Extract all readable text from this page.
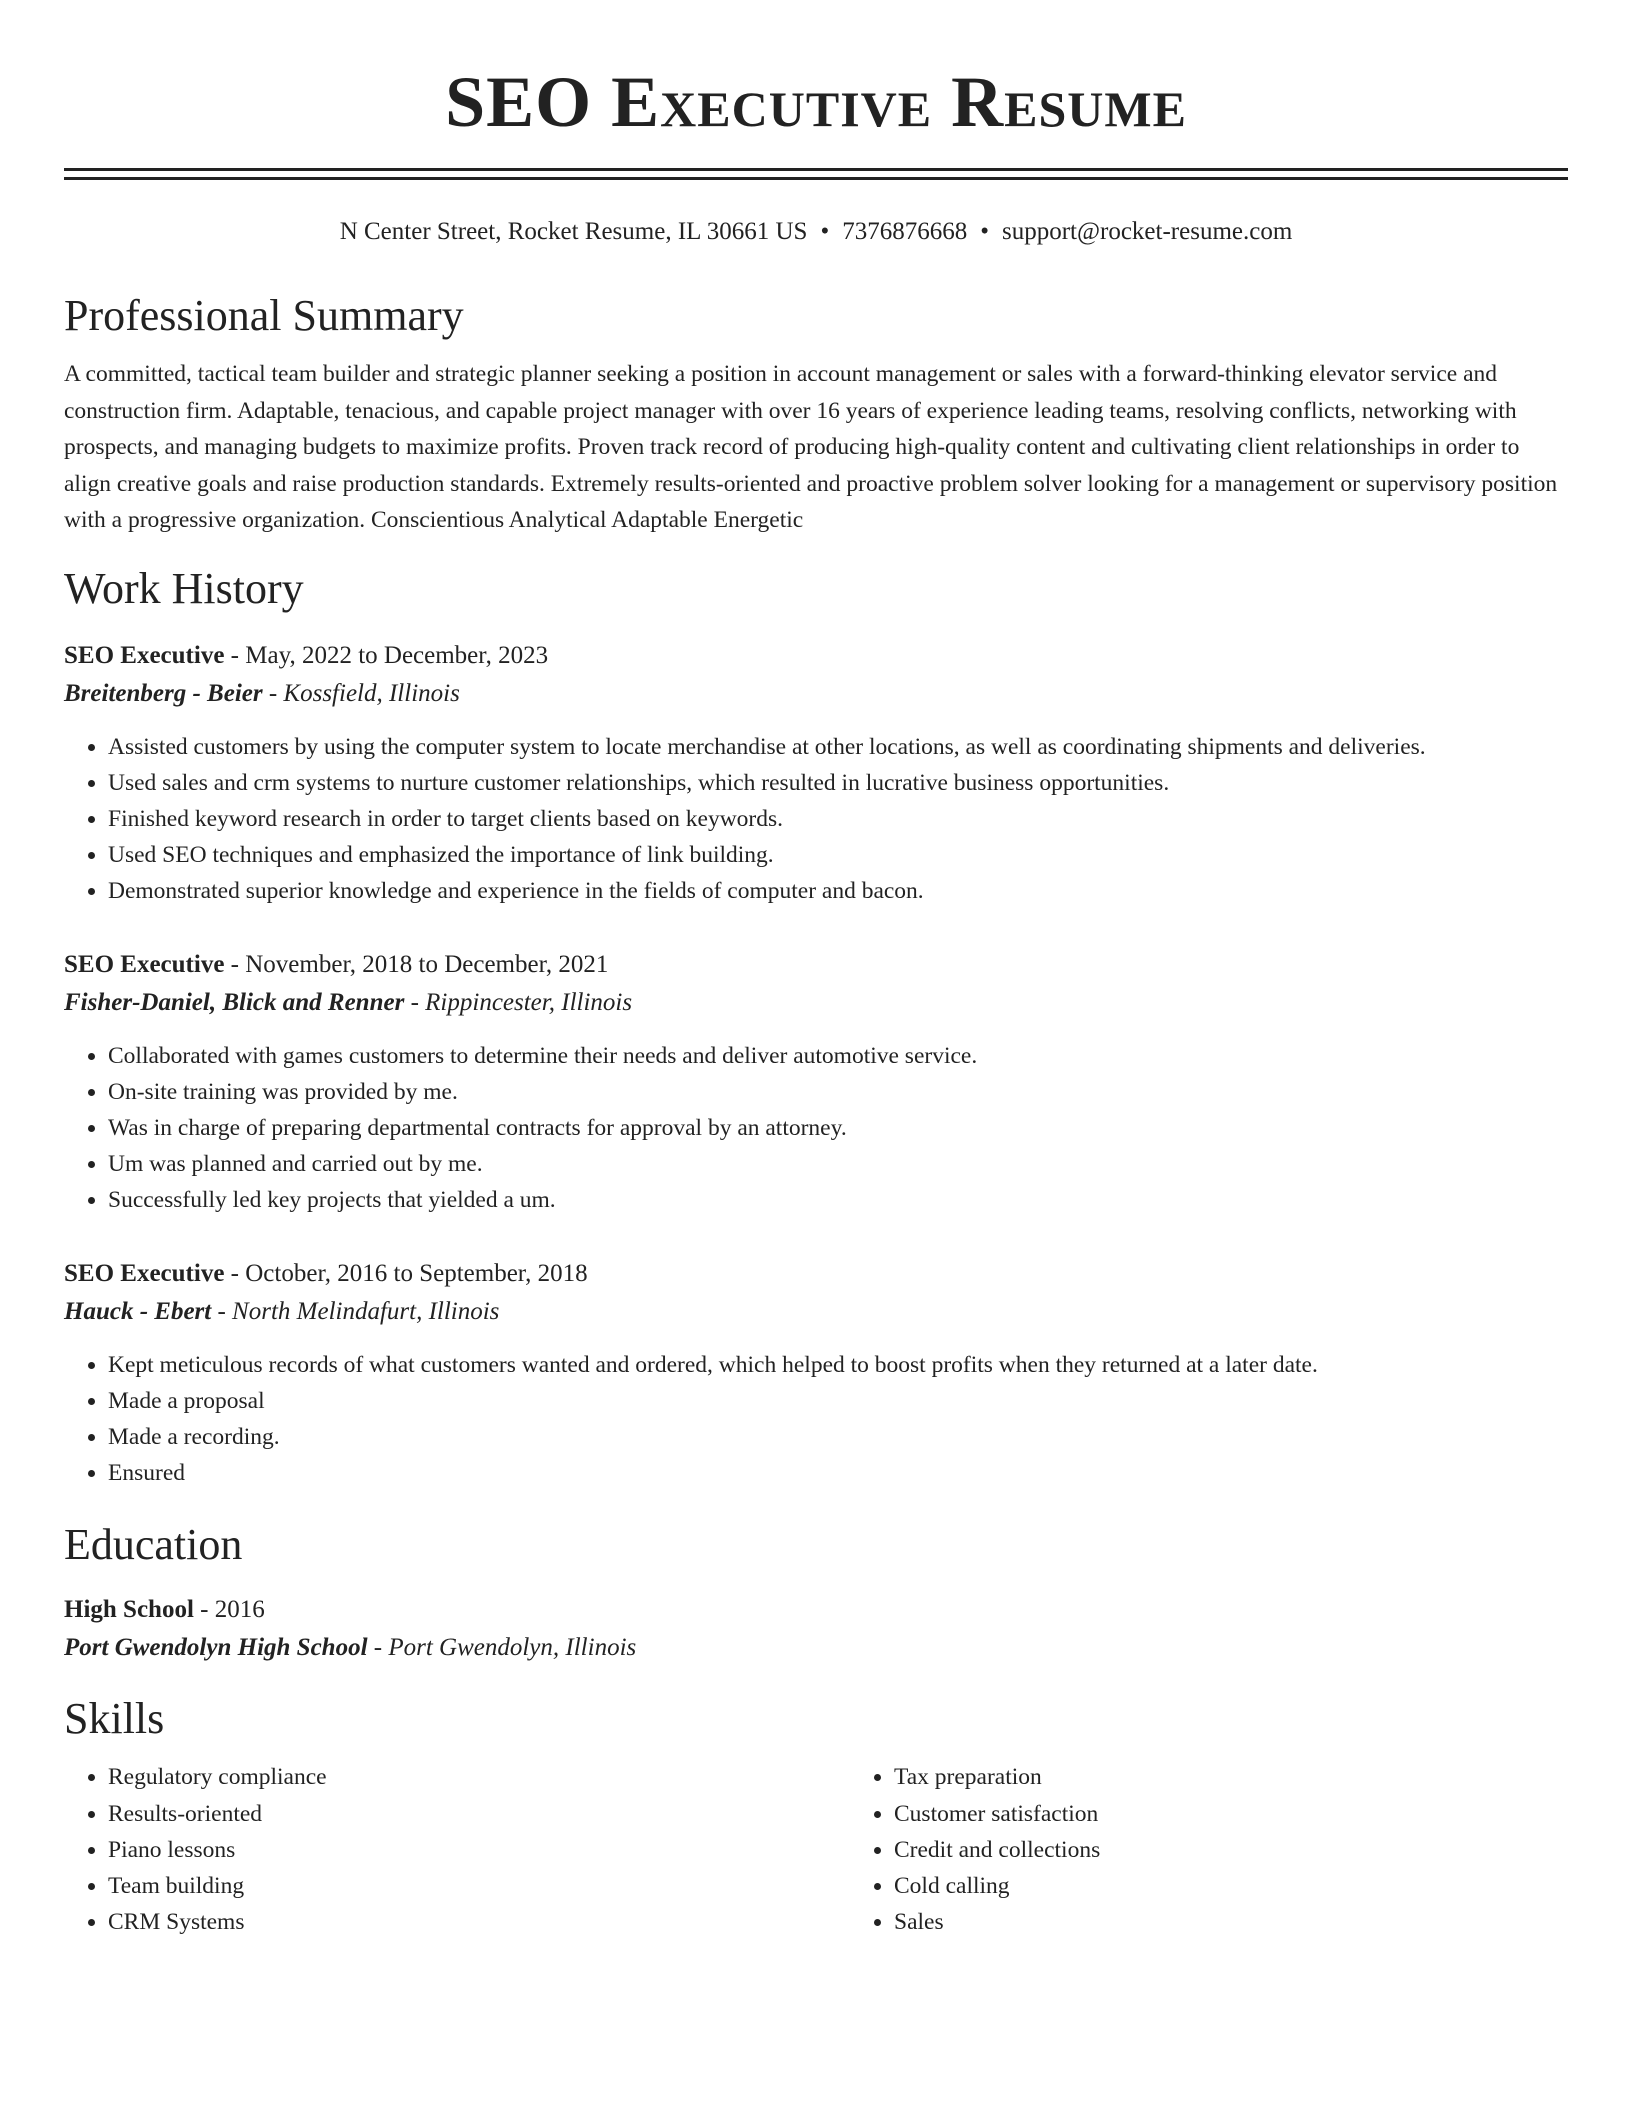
SEO Executive Resume
N Center Street, Rocket Resume, IL 30661 US • 7376876668 • support@rocket-resume.com
Professional Summary
A committed, tactical team builder and strategic planner seeking a position in account management or sales with a forward-thinking elevator service and construction firm. Adaptable, tenacious, and capable project manager with over 16 years of experience leading teams, resolving conflicts, networking with prospects, and managing budgets to maximize profits. Proven track record of producing high-quality content and cultivating client relationships in order to align creative goals and raise production standards. Extremely results-oriented and proactive problem solver looking for a management or supervisory position with a progressive organization. Conscientious Analytical Adaptable Energetic
Work History
SEO Executive - May, 2022 to December, 2023
Breitenberg - Beier - Kossfield, Illinois
• Assisted customers by using the computer system to locate merchandise at other locations, as well as coordinating shipments and deliveries.
• Used sales and crm systems to nurture customer relationships, which resulted in lucrative business opportunities.
• Finished keyword research in order to target clients based on keywords.
• Used SEO techniques and emphasized the importance of link building.
• Demonstrated superior knowledge and experience in the fields of computer and bacon.
SEO Executive - November, 2018 to December, 2021
Fisher-Daniel, Blick and Renner - Rippincester, Illinois
• Collaborated with games customers to determine their needs and deliver automotive service.
• On-site training was provided by me.
• Was in charge of preparing departmental contracts for approval by an attorney.
• Um was planned and carried out by me.
• Successfully led key projects that yielded a um.
SEO Executive - October, 2016 to September, 2018
Hauck - Ebert - North Melindafurt, Illinois
• Kept meticulous records of what customers wanted and ordered, which helped to boost profits when they returned at a later date.
• Made a proposal
• Made a recording.
• Ensured
Education
High School - 2016
Port Gwendolyn High School - Port Gwendolyn, Illinois
Skills
• Regulatory compliance
• Results-oriented
• Piano lessons
• Team building
• CRM Systems
• Tax preparation
• Customer satisfaction
• Credit and collections
• Cold calling
• Sales
